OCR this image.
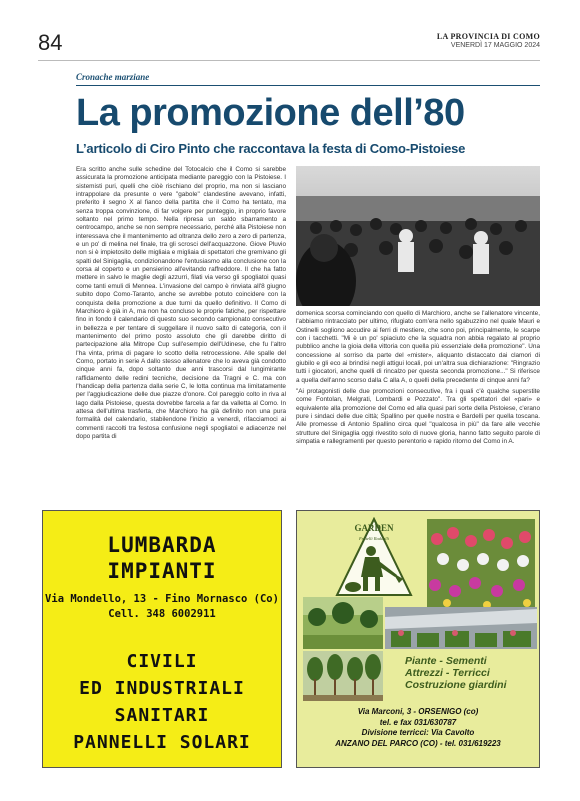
84	LA PROVINCIA DI COMO
VENERDÌ 17 MAGGIO 2024
Cronache marziane
La promozione dell’80
L’articolo di Ciro Pinto che raccontava la festa di Como-Pistoiese
Era scritto anche sulle schedine del Totocalcio che il Como si sarebbe assicurata la promozione anticipata mediante pareggio con la Pistoiese. I sistemisti puri, quelli che ciòè rischiano del proprio, ma non si lasciano intrappolare da presunte o vere "gabole" clandestine avevano, infatti, preferito il segno X al fianco della partita che il Como ha tentato, ma senza troppa convinzione, di far volgere per punteggio, in proprio favore soltanto nel primo tempo. Nella ripresa un saldo sbarramento a centrocampo, anche se non sempre necessario, perché alla Pistoiese non interessava che il mantenimento ad oltranza dello zero a zero di partenza, e un po' di melina nel finale, tra gli scrosci dell'acquazzone. Giove Pluvio non si è impietosito delle migliaia e migliaia di spettatori che gremivano gli spalti del Sinigaglia, condizionandone l'entusiasmo alla conclusione con la corsa al coperto e un pensierino all'evitando raffreddore. Il che ha fatto mettere in salvo le maglie degli azzurri, filati via verso gli spogliatoi quasi come tanti emuli di Mennea. L'invasione del campo è rinviata all'8 giugno subito dopo Como-Taranto, anche se avrebbe potuto coincidere con la conquista della promozione a due turni da quello definitivo. Il Como di Marchioro è già in A, ma non ha concluso le proprie fatiche, per rispettare fino in fondo il calendario di questo suo secondo campionato consecutivo in bellezza e per tentare di suggellare il nuovo salto di categoria, con il mantenimento del primo posto assoluto che gli darebbe diritto di partecipazione alla Mitrope Cup sull'esempio dell'Udinese, che fu l'altro l'ha vinta, prima di pagare lo scotto della retrocessione. Alle spalle del Como, portato in serie A dallo stesso allenatore che lo aveva già condotto cinque anni fa, dopo soltanto due anni trascorsi dal lungimirante raffidamento delle redini tecniche, decisione da Tragni e C. ma con l'handicap della partenza dalla serie C, le lotta continua ma limitatamente per l'aggiudicazione delle due piazze d'onore. Col pareggio colto in riva al lago dalla Pistoiese, questa dovrebbe farcela a far da valletta al Como. In attesa dell'ultima trasferta, che Marchioro ha già definito non una pura formalità del calendario, stabilendone l'inizio a venerdì, rifacciamoci ai commenti raccolti tra festosa confusione negli spogliatoi e adiacenze nel dopo partita di
domenica scorsa cominciando con quello di Marchioro, anche se l'allenatore vincente, l'abbiamo rintracciato per ultimo, rifugiato com'era nello sgabuzzino nel quale Mauri e Ostinelli sogliono accudire ai ferri di mestiere, che sono poi, principalmente, le scarpe con i tacchetti. "Mi è un po' spiaciuto che la squadra non abbia regalato al proprio pubblico anche la gioia della vittoria con quella più essenziale della promozione". Una concessione al sorriso da parte del «mister», aliquanto distaccato dai clamori di giubilo e gli eco ai brindisi negli attigui locali, poi un'altra sua dichiarazione: "Ringrazio tutti i giocatori, anche quelli di rincalzo per questa seconda promozione..." Si riferisce a quella dell'anno scorso dalla C alla A, o quelli della precedente di cinque anni fa?
"Ai protagonisti delle due promozioni consecutive, fra i quali c'è qualche superstite come Fontolan, Melgrati, Lombardi e Pozzato". Tra gli spettatori del «pari» e equivalente alla promozione del Como ed alla quasi pari sorte della Pistoiese, c'erano pure i sindaci delle due città; Spallino per quelle nostra e Bardelli per quella toscana. Alle promesse di Antonio Spallino circa quel "qualcosa in più" da fare alle vecchie strutture del Sinigaglia oggi rivestito solo di nuove gloria, hanno fatto seguito parole di simpatia e rallegramenti per questo perentorio e rapido ritorno del Como in A.
LUMBARDA
IMPIANTI
Via Mondello, 13 - Fino Mornasco (Co)
Cell. 348 6002911
CIVILI
ED INDUSTRIALI
SANITARI
PANNELLI SOLARI
GARDEN
Fratelli Radaelli
Piante - Sementi
Attrezzi - Terricci
Costruzione giardini
Via Marconi, 3 - ORSENIGO (co)
tel. e fax 031/630787
Divisione terricci: Via Cavolto
ANZANO DEL PARCO (CO) - tel. 031/619223
